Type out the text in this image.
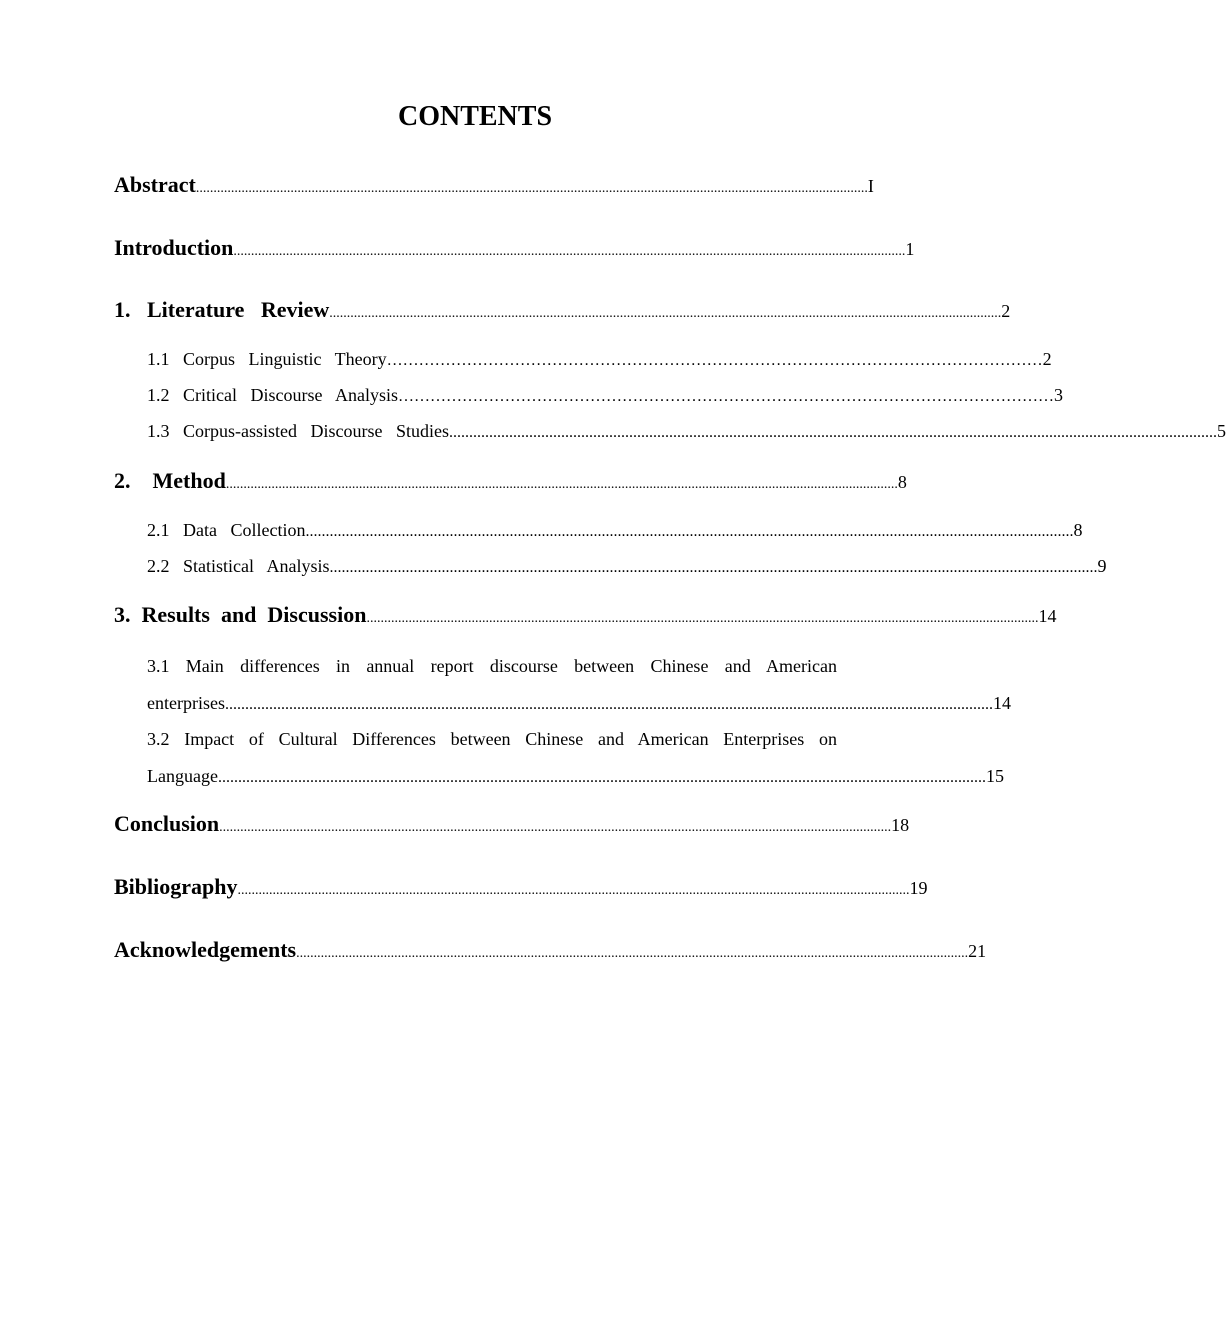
CONTENTS
Abstract ................................................................................................................................................................................................ I
Introduction ................................................................................................................................................................................................ 1
1.   Literature   Review ................................................................................................................................................................................................ 2
1.1   Corpus   Linguistic   Theory …………………………………………………………………………………………………………… 2
1.2   Critical   Discourse   Analysis …………………………………………………………………………………………………………… 3
1.3   Corpus-assisted   Discourse   Studies ................................................................................................................................................................................................ 5
2.    Method ................................................................................................................................................................................................ 8
2.1   Data   Collection ................................................................................................................................................................................................ 8
2.2   Statistical   Analysis ................................................................................................................................................................................................ 9
3.  Results  and  Discussion ................................................................................................................................................................................................ 14
3.1 Main differences in annual report discourse between Chinese and American
enterprises ................................................................................................................................................................................................ 14
3.2 Impact of Cultural Differences between Chinese and American Enterprises on
Language ................................................................................................................................................................................................ 15
Conclusion ................................................................................................................................................................................................ 18
Bibliography ................................................................................................................................................................................................ 19
Acknowledgements ................................................................................................................................................................................................ 21
